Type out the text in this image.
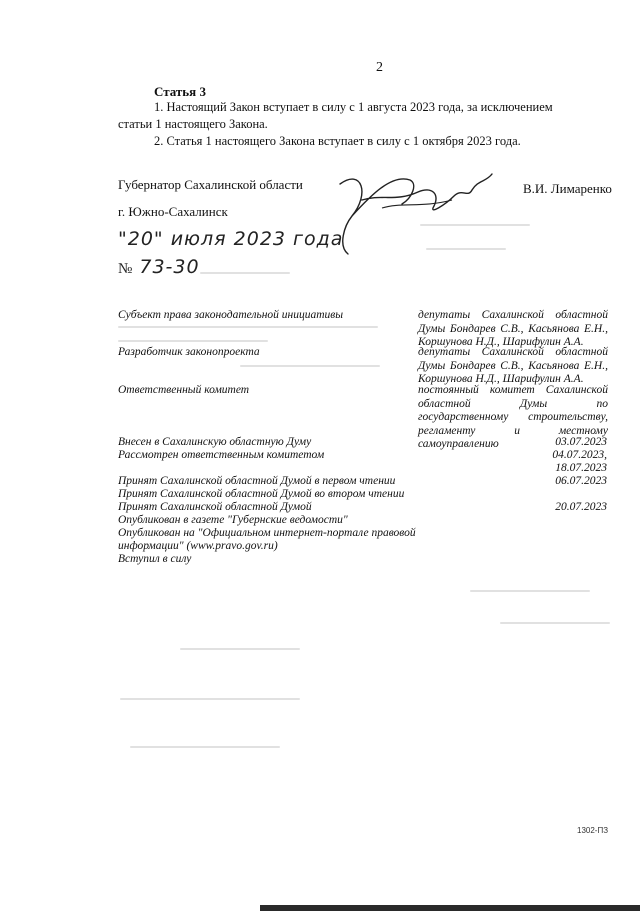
2
Статья 3
1. Настоящий Закон вступает в силу с 1 августа 2023 года, за исключением
статьи 1 настоящего Закона.
2. Статья 1 настоящего Закона вступает в силу с 1 октября 2023 года.
Губернатор Сахалинской области	В.И. Лимаренко
г. Южно-Сахалинск
"20" июля 2023 года
№ 73-30
Субъект права законодательной инициативы	депутаты Сахалинской областной Думы Бондарев С.В., Касьянова Е.Н., Коршунова Н.Д., Шарифулин А.А.
Разработчик законопроекта	депутаты Сахалинской областной Думы Бондарев С.В., Касьянова Е.Н., Коршунова Н.Д., Шарифулин А.А.
Ответственный комитет	постоянный комитет Сахалинской областной Думы по государственному строительству, регламенту и местному самоуправлению
Внесен в Сахалинскую областную Думу	03.07.2023
Рассмотрен ответственным комитетом	04.07.2023,
18.07.2023
Принят Сахалинской областной Думой в первом чтении	06.07.2023
Принят Сахалинской областной Думой во втором чтении
Принят Сахалинской областной Думой	20.07.2023
Опубликован в газете "Губернские ведомости"
Опубликован на "Официальном интернет-портале правовой
информации" (www.pravo.gov.ru)
Вступил в силу
1302-ПЗ
